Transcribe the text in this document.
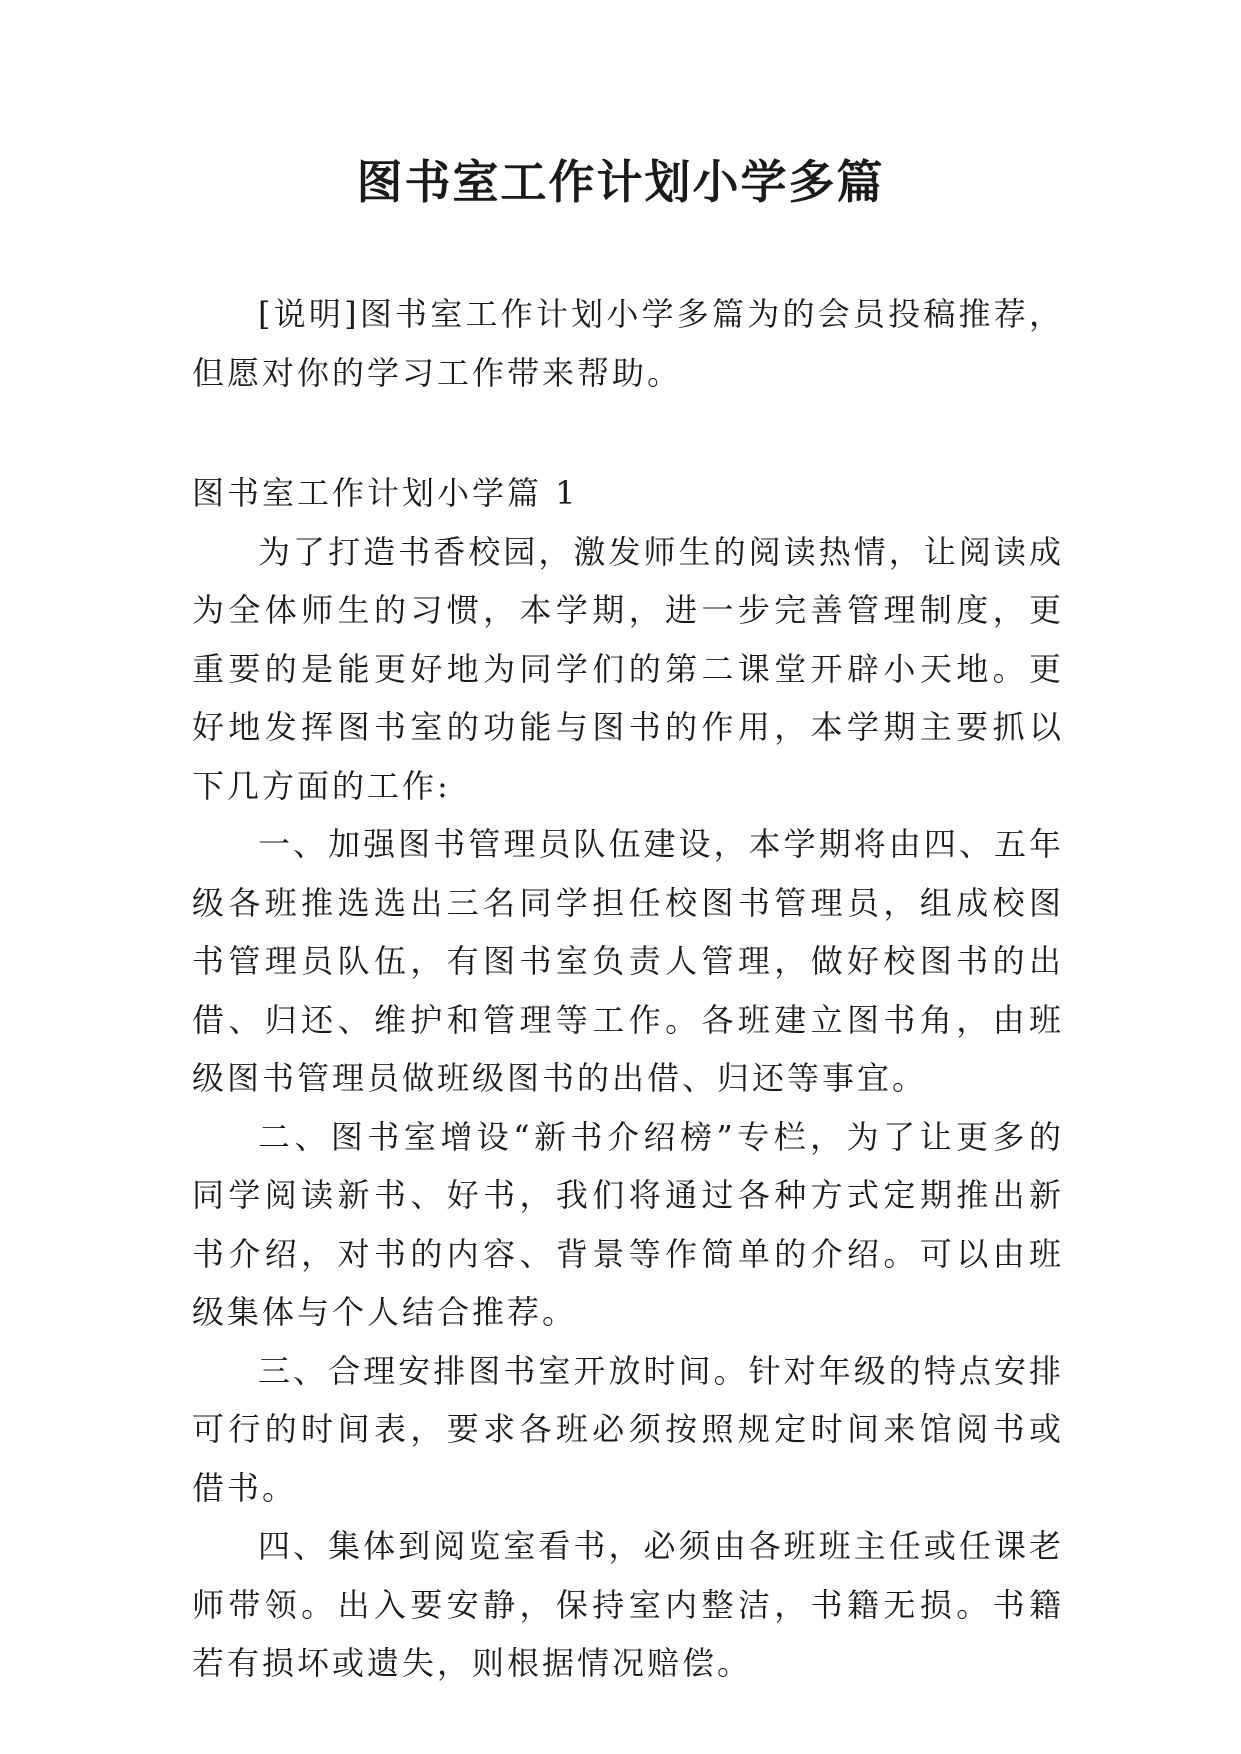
图书室工作计划小学多篇

[说明]图书室工作计划小学多篇为的会员投稿推荐，但愿对你的学习工作带来帮助。

图书室工作计划小学篇 1

为了打造书香校园，激发师生的阅读热情，让阅读成为全体师生的习惯，本学期，进一步完善管理制度，更重要的是能更好地为同学们的第二课堂开辟小天地。更好地发挥图书室的功能与图书的作用，本学期主要抓以下几方面的工作:

一、加强图书管理员队伍建设，本学期将由四、五年级各班推选选出三名同学担任校图书管理员，组成校图书管理员队伍，有图书室负责人管理，做好校图书的出借、归还、维护和管理等工作。各班建立图书角，由班级图书管理员做班级图书的出借、归还等事宜。

二、图书室增设“新书介绍榜”专栏，为了让更多的同学阅读新书、好书，我们将通过各种方式定期推出新书介绍，对书的内容、背景等作简单的介绍。可以由班级集体与个人结合推荐。

三、合理安排图书室开放时间。针对年级的特点安排可行的时间表，要求各班必须按照规定时间来馆阅书或借书。

四、集体到阅览室看书，必须由各班班主任或任课老师带领。出入要安静，保持室内整洁，书籍无损。书籍若有损坏或遗失，则根据情况赔偿。
